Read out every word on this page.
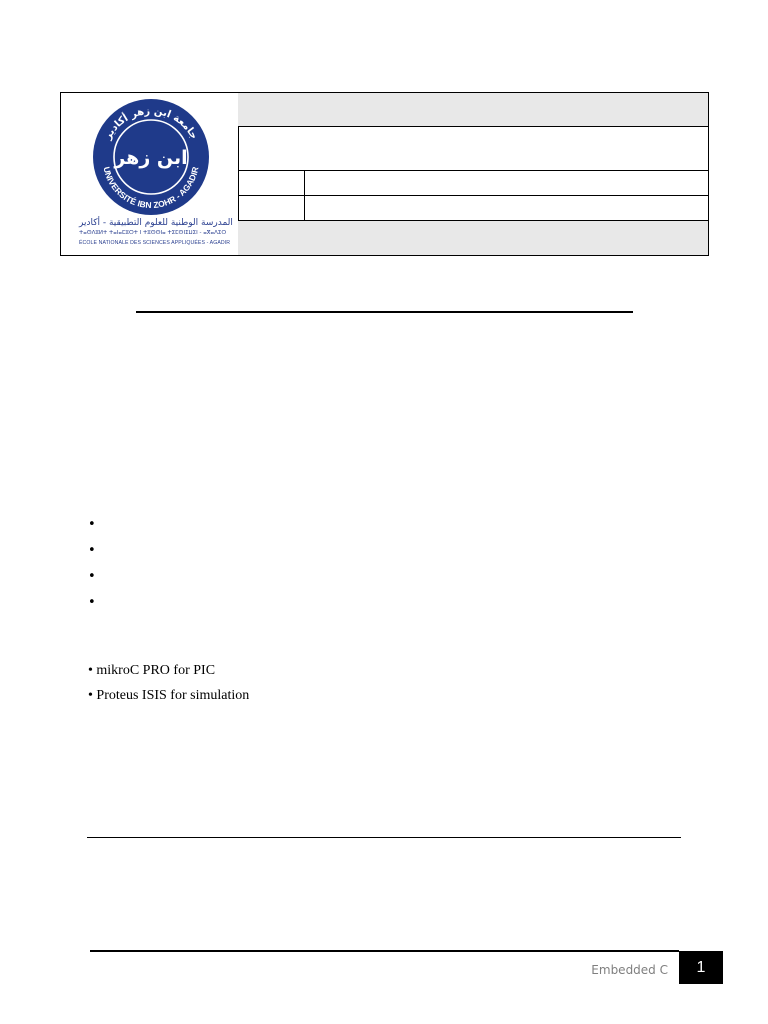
جامعة ابن زهر أكادير
UNIVERSITÉ IBN ZOHR - AGADIR
ابن زهر
المدرسة الوطنية للعلوم التطبيقية - أكادير
ⵜⴰⵙⴷⵓⵍⵜ ⵜⴰⵏⴰⵎⵓⵔⵜ ⵏ ⵜⵓⵙⵙⵏⴰ ⵜⵉⵎⵙⵏⵉⵡⵉⵏ - ⴰⴳⴰⴷⵉⵔ
ÉCOLE NATIONALE DES SCIENCES APPLIQUÉES - AGADIR
•
•
•
•
• mikroC PRO for PIC
• Proteus ISIS for simulation
Embedded C	1
